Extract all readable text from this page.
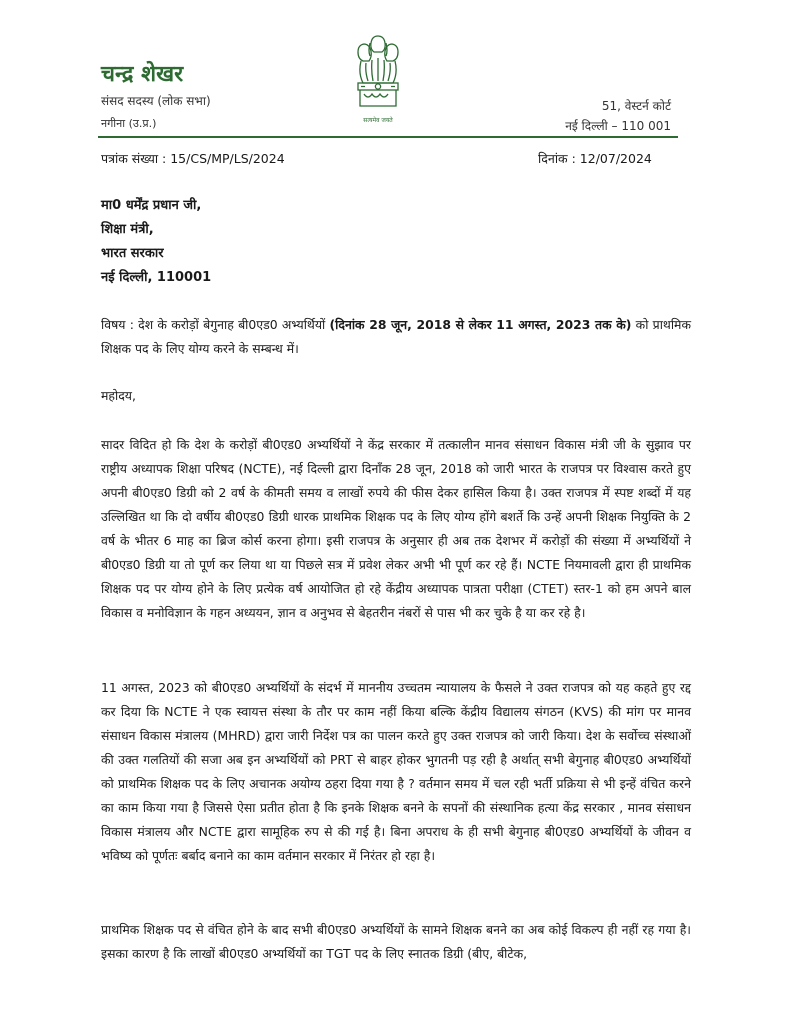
चन्द्र शेखर
संसद सदस्य (लोक सभा)
नगीना (उ.प्र.)	सत्यमेव जयते
51, वेस्टर्न कोर्ट
नई दिल्ली – 110 001
पत्रांक संख्या : 15/CS/MP/LS/2024	दिनांक : 12/07/2024
मा0 धर्मेंद्र प्रधान जी,
शिक्षा मंत्री,
भारत सरकार
नई दिल्ली, 110001

विषय : देश के करोड़ों बेगुनाह बी0एड0 अभ्यर्थियों (दिनांक 28 जून, 2018 से लेकर 11 अगस्त, 2023 तक के) को प्राथमिक शिक्षक पद के लिए योग्य करने के सम्बन्ध में।

महोदय,

सादर विदित हो कि देश के करोड़ों बी0एड0 अभ्यर्थियों ने केंद्र सरकार में तत्कालीन मानव संसाधन विकास मंत्री जी के सुझाव पर राष्ट्रीय अध्यापक शिक्षा परिषद (NCTE), नई दिल्ली द्वारा दिनाँक 28 जून, 2018 को जारी भारत के राजपत्र पर विश्वास करते हुए अपनी बी0एड0 डिग्री को 2 वर्ष के कीमती समय व लाखों रुपये की फीस देकर हासिल किया है। उक्त राजपत्र में स्पष्ट शब्दों में यह उल्लिखित था कि दो वर्षीय बी0एड0 डिग्री धारक प्राथमिक शिक्षक पद के लिए योग्य होंगे बशर्ते कि उन्हें अपनी शिक्षक नियुक्ति के 2 वर्ष के भीतर 6 माह का ब्रिज कोर्स करना होगा। इसी राजपत्र के अनुसार ही अब तक देशभर में करोड़ों की संख्या में अभ्यर्थियों ने बी0एड0 डिग्री या तो पूर्ण कर लिया था या पिछले सत्र में प्रवेश लेकर अभी भी पूर्ण कर रहे हैं। NCTE नियमावली द्वारा ही प्राथमिक शिक्षक पद पर योग्य होने के लिए प्रत्येक वर्ष आयोजित हो रहे केंद्रीय अध्यापक पात्रता परीक्षा (CTET) स्तर-1 को हम अपने बाल विकास व मनोविज्ञान के गहन अध्ययन, ज्ञान व अनुभव से बेहतरीन नंबरों से पास भी कर चुके है या कर रहे है।

11 अगस्त, 2023 को बी0एड0 अभ्यर्थियों के संदर्भ में माननीय उच्चतम न्यायालय के फैसले ने उक्त राजपत्र को यह कहते हुए रद्द कर दिया कि NCTE ने एक स्वायत्त संस्था के तौर पर काम नहीं किया बल्कि केंद्रीय विद्यालय संगठन (KVS) की मांग पर मानव संसाधन विकास मंत्रालय (MHRD) द्वारा जारी निर्देश पत्र का पालन करते हुए उक्त राजपत्र को जारी किया। देश के सर्वोच्च संस्थाओं की उक्त गलतियों की सजा अब इन अभ्यर्थियों को PRT से बाहर होकर भुगतनी पड़ रही है अर्थात् सभी बेगुनाह बी0एड0 अभ्यर्थियों को प्राथमिक शिक्षक पद के लिए अचानक अयोग्य ठहरा दिया गया है ? वर्तमान समय में चल रही भर्ती प्रक्रिया से भी इन्हें वंचित करने का काम किया गया है जिससे ऐसा प्रतीत होता है कि इनके शिक्षक बनने के सपनों की संस्थानिक हत्या केंद्र सरकार , मानव संसाधन विकास मंत्रालय और NCTE द्वारा सामूहिक रुप से की गई है। बिना अपराध के ही सभी बेगुनाह बी0एड0 अभ्यर्थियों के जीवन व भविष्य को पूर्णतः बर्बाद बनाने का काम वर्तमान सरकार में निरंतर हो रहा है।

प्राथमिक शिक्षक पद से वंचित होने के बाद सभी बी0एड0 अभ्यर्थियों के सामने शिक्षक बनने का अब कोई विकल्प ही नहीं रह गया है। इसका कारण है कि लाखों बी0एड0 अभ्यर्थियों का TGT पद के लिए स्नातक डिग्री (बीए, बीटेक,
